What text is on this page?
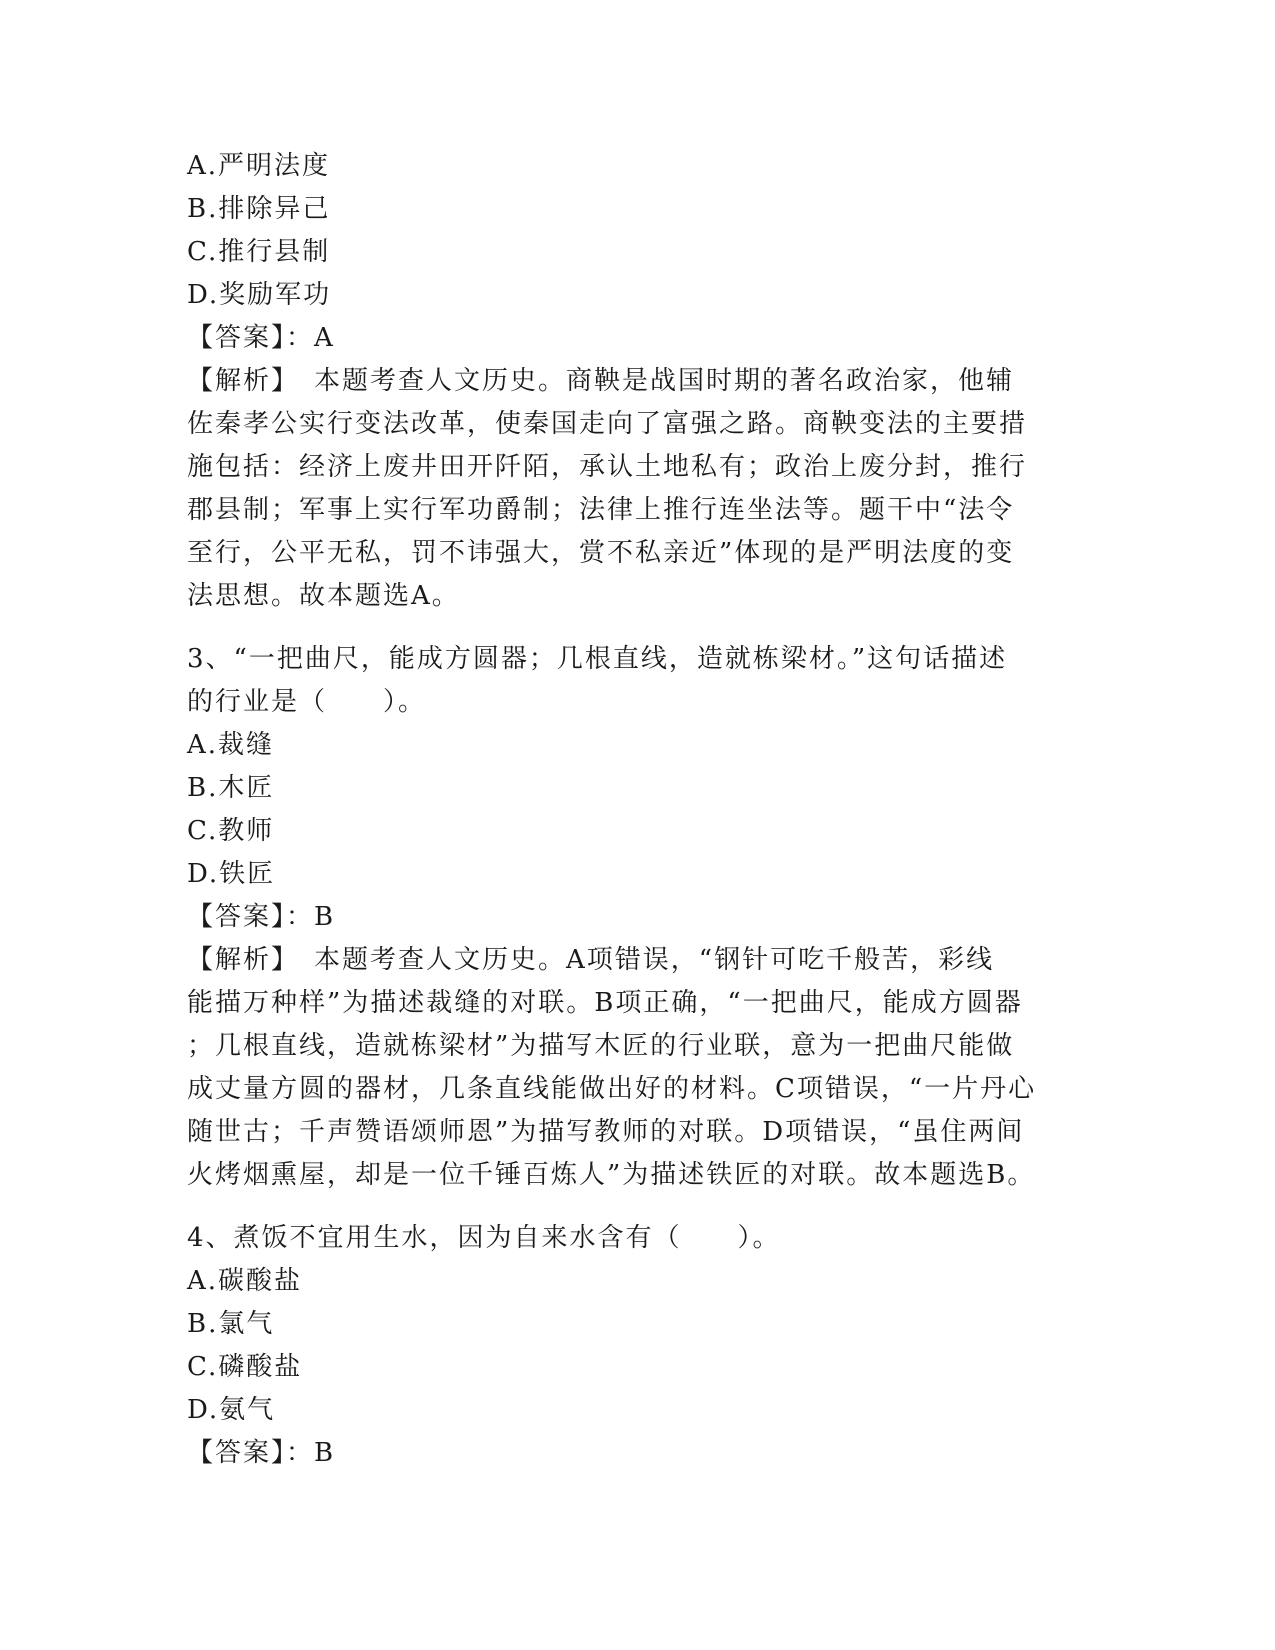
A.严明法度
B.排除异己
C.推行县制
D.奖励军功
【答案】：A
【解析】　本题考查人文历史。商鞅是战国时期的著名政治家，他辅
佐秦孝公实行变法改革，使秦国走向了富强之路。商鞅变法的主要措
施包括：经济上废井田开阡陌，承认土地私有；政治上废分封，推行
郡县制；军事上实行军功爵制；法律上推行连坐法等。题干中“法令
至行，公平无私，罚不讳强大，赏不私亲近”体现的是严明法度的变
法思想。故本题选A。
3、“一把曲尺，能成方圆器；几根直线，造就栋梁材。”这句话描述
的行业是（　　）。
A.裁缝
B.木匠
C.教师
D.铁匠
【答案】：B
【解析】　本题考查人文历史。A项错误，“钢针可吃千般苦，彩线
能描万种样”为描述裁缝的对联。B项正确，“一把曲尺，能成方圆器
；几根直线，造就栋梁材”为描写木匠的行业联，意为一把曲尺能做
成丈量方圆的器材，几条直线能做出好的材料。C项错误，“一片丹心
随世古；千声赞语颂师恩”为描写教师的对联。D项错误，“虽住两间
火烤烟熏屋，却是一位千锤百炼人”为描述铁匠的对联。故本题选B。
4、煮饭不宜用生水，因为自来水含有（　　）。
A.碳酸盐
B.氯气
C.磷酸盐
D.氨气
【答案】：B
